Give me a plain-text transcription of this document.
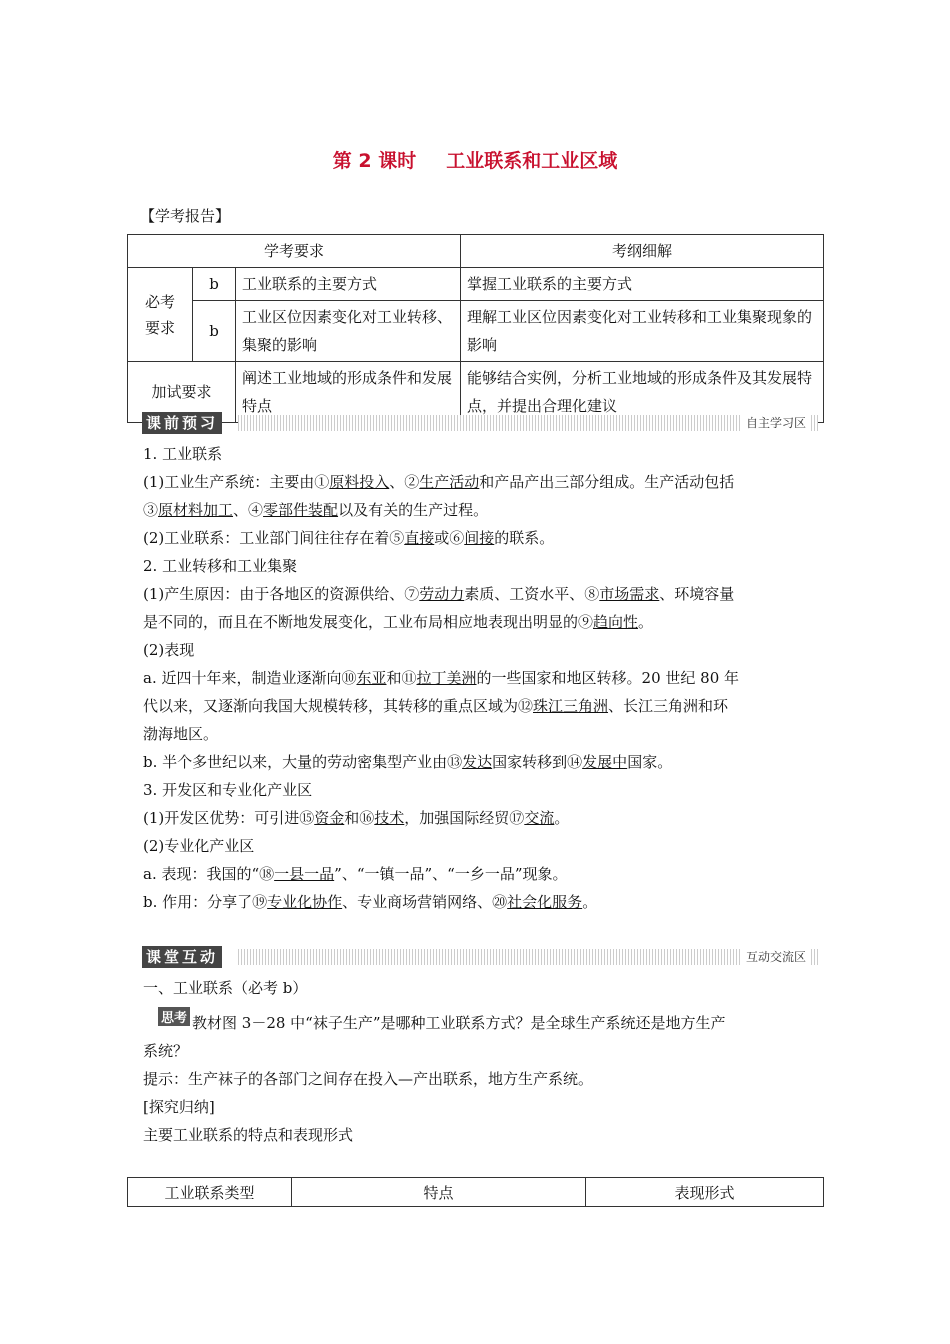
第 2 课时 工业联系和工业区域
【学考报告】
学考要求			考纲细解

必考要求	b	工业联系的主要方式	掌握工业联系的主要方式
	b	工业区位因素变化对工业转移、集聚的影响	理解工业区位因素变化对工业转移和工业集聚现象的影响
加试要求		阐述工业地域的形成条件和发展特点	能够结合实例，分析工业地域的形成条件及其发展特点，并提出合理化建议
课前预习	自主学习区
1. 工业联系
(1)工业生产系统：主要由①原料投入、②生产活动和产品产出三部分组成。生产活动包括
③原材料加工、④零部件装配以及有关的生产过程。
(2)工业联系：工业部门间往往存在着⑤直接或⑥间接的联系。
2. 工业转移和工业集聚
(1)产生原因：由于各地区的资源供给、⑦劳动力素质、工资水平、⑧市场需求、环境容量
是不同的，而且在不断地发展变化，工业布局相应地表现出明显的⑨趋向性。
(2)表现
a. 近四十年来，制造业逐渐向⑩东亚和⑪拉丁美洲的一些国家和地区转移。20 世纪 80 年
代以来，又逐渐向我国大规模转移，其转移的重点区域为⑫珠江三角洲、长江三角洲和环
渤海地区。
b. 半个多世纪以来，大量的劳动密集型产业由⑬发达国家转移到⑭发展中国家。
3. 开发区和专业化产业区
(1)开发区优势：可引进⑮资金和⑯技术，加强国际经贸⑰交流。
(2)专业化产业区
a. 表现：我国的“⑱一县一品”、“一镇一品”、“一乡一品”现象。
b. 作用：分享了⑲专业化协作、专业商场营销网络、⑳社会化服务。
课堂互动	互动交流区
一、工业联系（必考 b）
思考 教材图 3－28 中“袜子生产”是哪种工业联系方式？是全球生产系统还是地方生产
系统？
提示：生产袜子的各部门之间存在投入—产出联系，地方生产系统。
[探究归纳]
主要工业联系的特点和表现形式
工业联系类型	特点	表现形式
